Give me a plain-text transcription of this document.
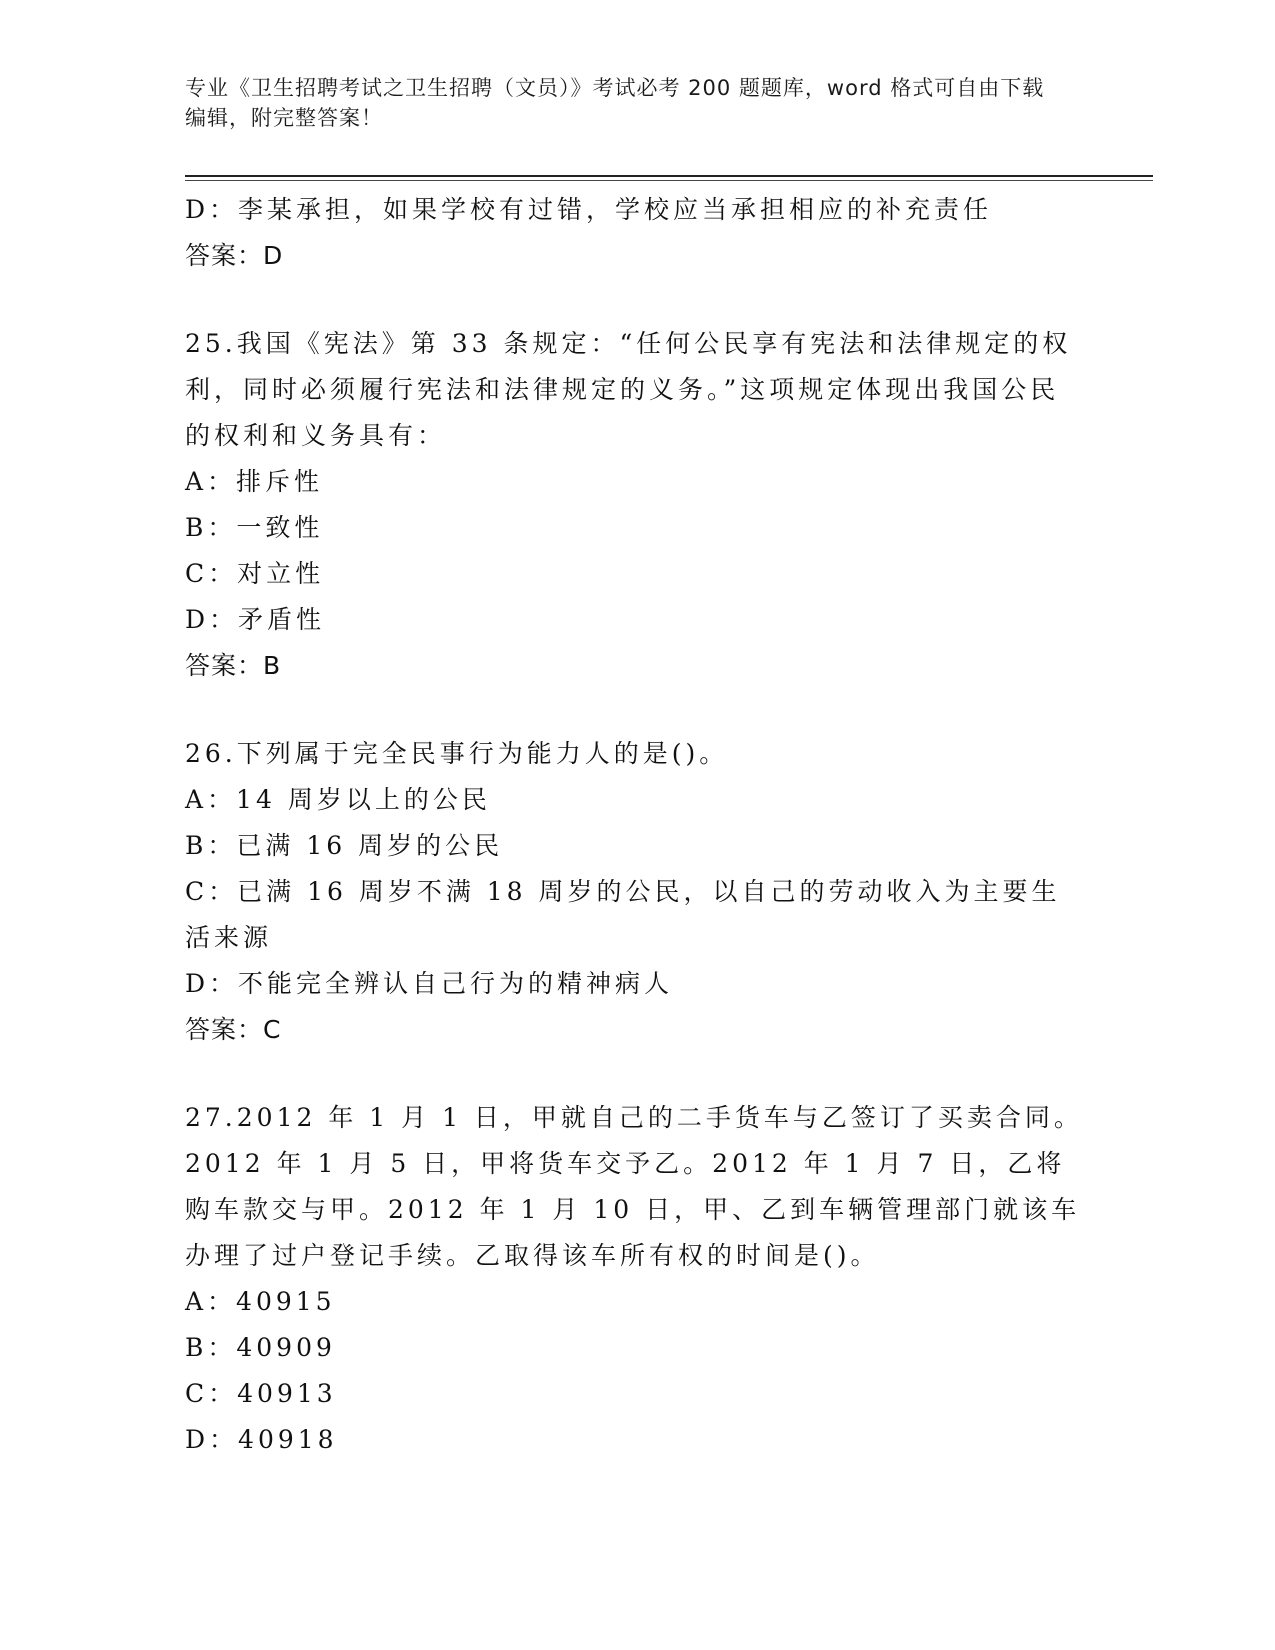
专业《卫生招聘考试之卫生招聘（文员）》考试必考 200 题题库，word 格式可自由下载编辑，附完整答案！
D：李某承担，如果学校有过错，学校应当承担相应的补充责任
答案：D
25.我国《宪法》第 33 条规定：“任何公民享有宪法和法律规定的权利，同时必须履行宪法和法律规定的义务。”这项规定体现出我国公民的权利和义务具有：
A：排斥性
B：一致性
C：对立性
D：矛盾性
答案：B
26.下列属于完全民事行为能力人的是()。
A：14 周岁以上的公民
B：已满 16 周岁的公民
C：已满 16 周岁不满 18 周岁的公民，以自己的劳动收入为主要生活来源
D：不能完全辨认自己行为的精神病人
答案：C
27.2012 年 1 月 1 日，甲就自己的二手货车与乙签订了买卖合同。2012 年 1 月 5 日，甲将货车交予乙。2012 年 1 月 7 日，乙将购车款交与甲。2012 年 1 月 10 日，甲、乙到车辆管理部门就该车办理了过户登记手续。乙取得该车所有权的时间是()。
A：40915
B：40909
C：40913
D：40918
